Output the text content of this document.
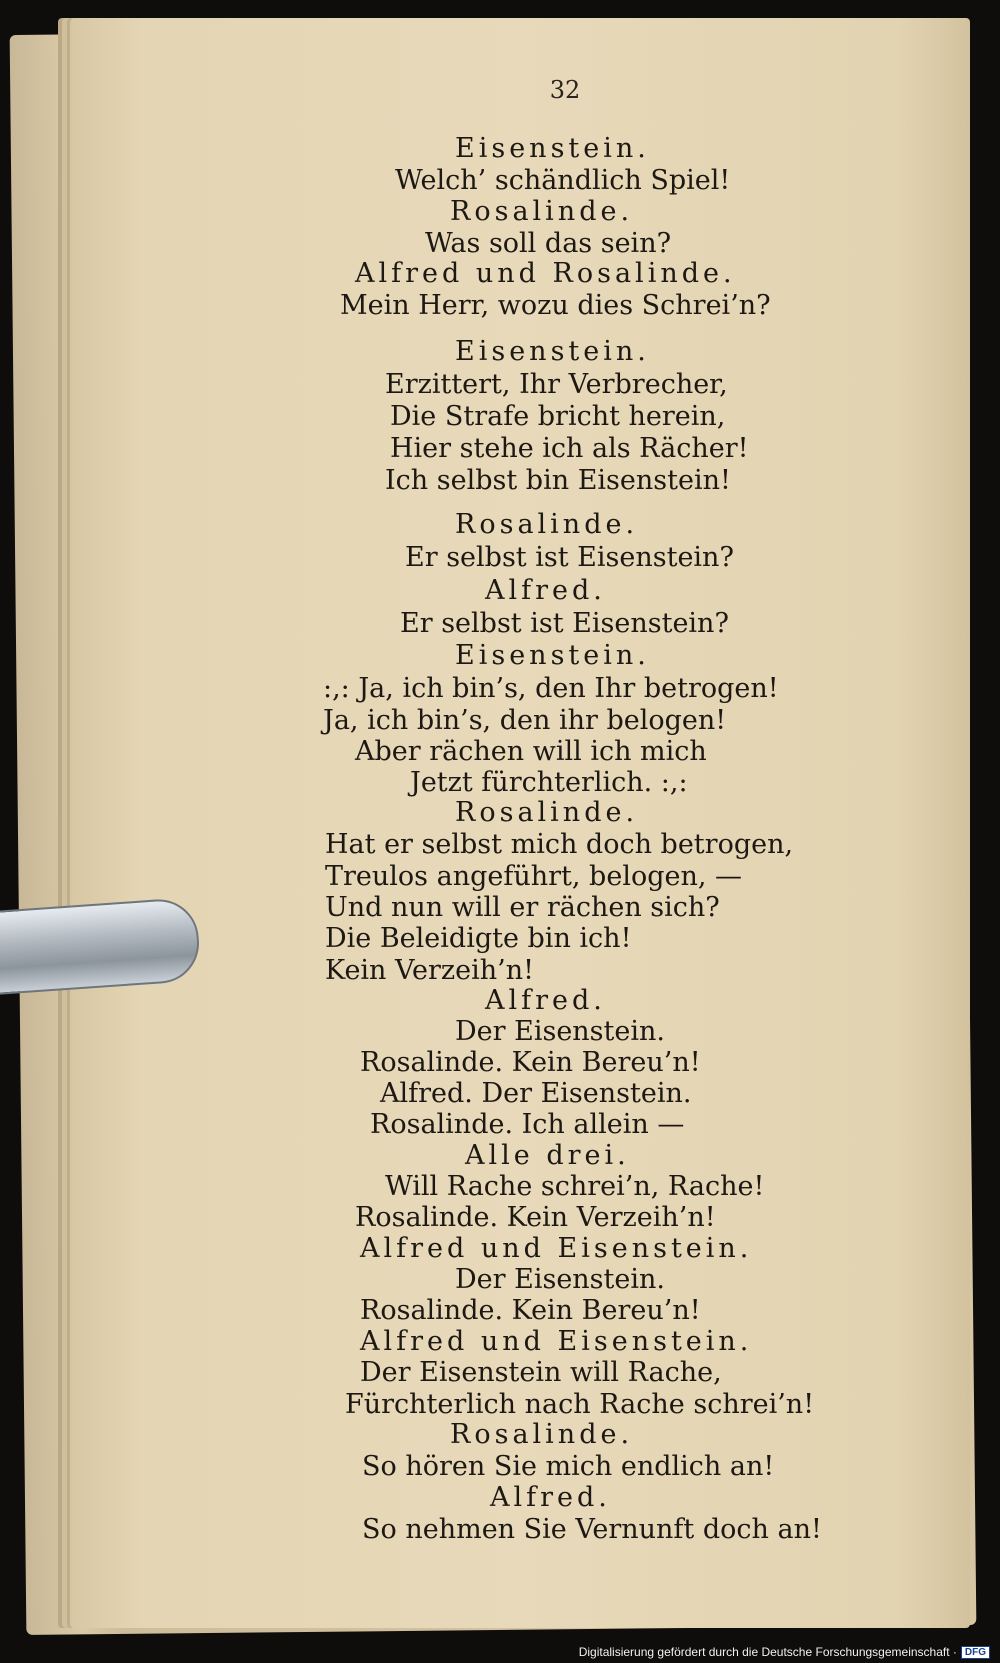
32
Eisenstein.
Welch’ schändlich Spiel!
Rosalinde.
Was soll das sein?
Alfred und Rosalinde.
Mein Herr, wozu dies Schrei’n?
Eisenstein.
Erzittert, Ihr Verbrecher,
Die Strafe bricht herein,
Hier stehe ich als Rächer!
Ich selbst bin Eisenstein!
Rosalinde.
Er selbst ist Eisenstein?
Alfred.
Er selbst ist Eisenstein?
Eisenstein.
:,: Ja, ich bin’s, den Ihr betrogen!
Ja, ich bin’s, den ihr belogen!
Aber rächen will ich mich
Jetzt fürchterlich. :,:
Rosalinde.
Hat er selbst mich doch betrogen,
Treulos angeführt, belogen, —
Und nun will er rächen sich?
Die Beleidigte bin ich!
Kein Verzeih’n!
Alfred.
Der Eisenstein.
Rosalinde. Kein Bereu’n!
Alfred. Der Eisenstein.
Rosalinde. Ich allein —
Alle drei.
Will Rache schrei’n, Rache!
Rosalinde. Kein Verzeih’n!
Alfred und Eisenstein.
Der Eisenstein.
Rosalinde. Kein Bereu’n!
Alfred und Eisenstein.
Der Eisenstein will Rache,
Fürchterlich nach Rache schrei’n!
Rosalinde.
So hören Sie mich endlich an!
Alfred.
So nehmen Sie Vernunft doch an!
Digitalisierung gefördert durch die Deutsche Forschungsgemeinschaft · DFG
